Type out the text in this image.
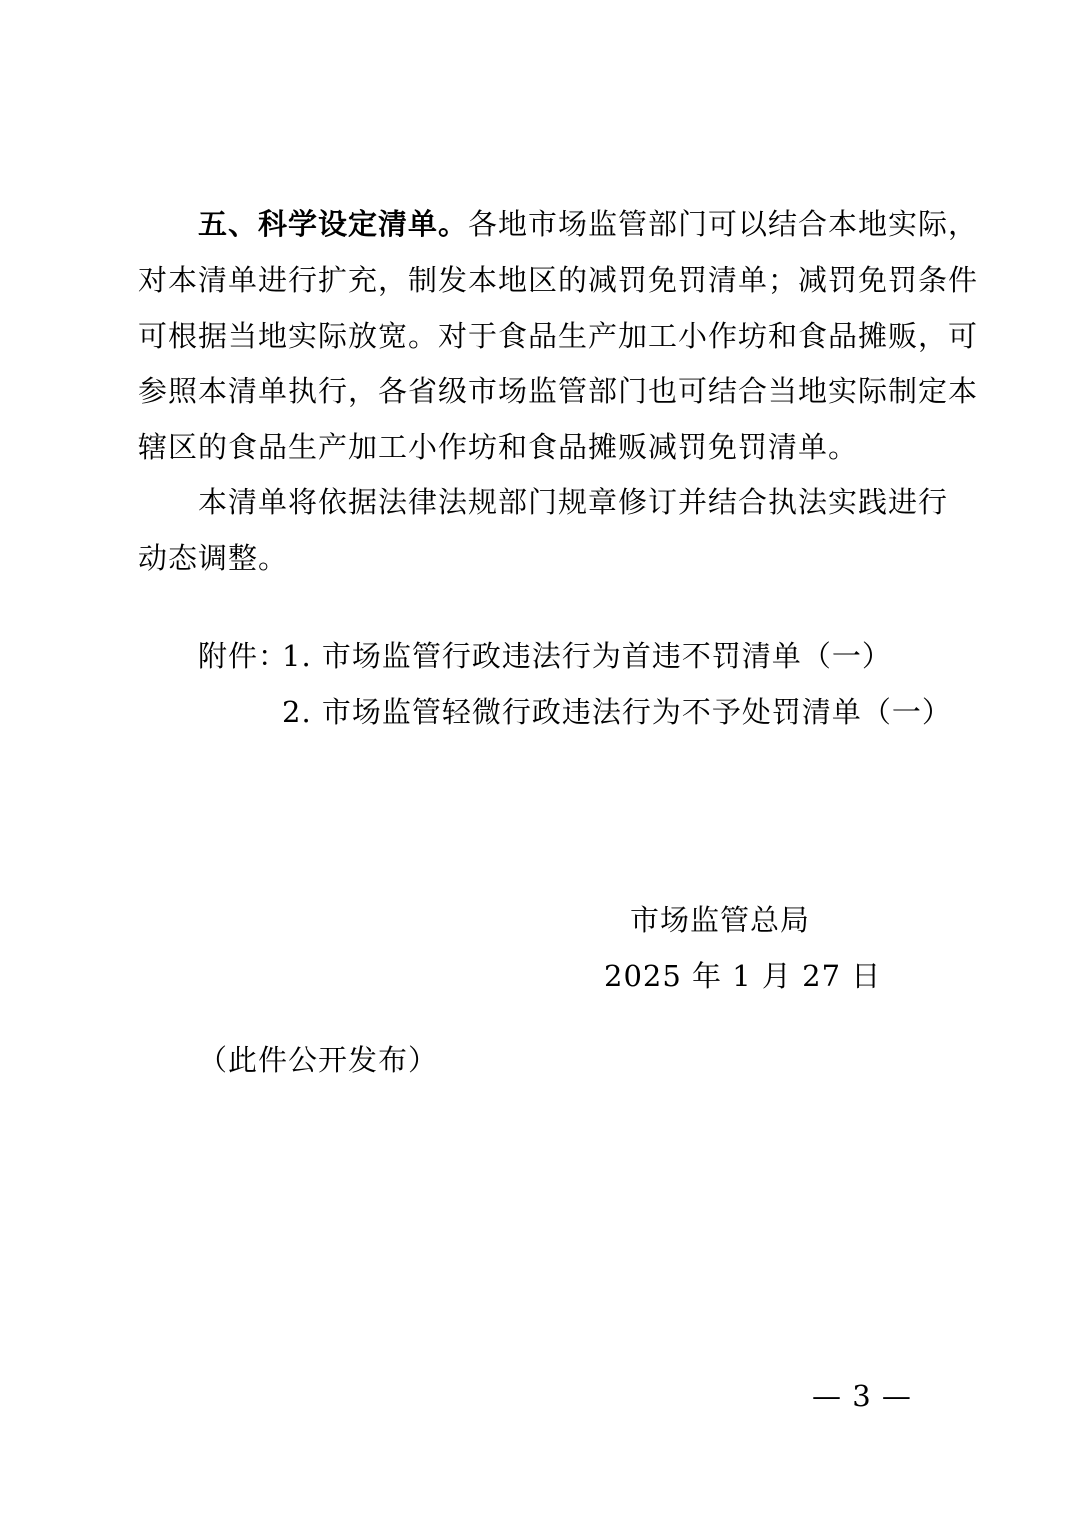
五、科学设定清单。各地市场监管部门可以结合本地实际，
对本清单进行扩充，制发本地区的减罚免罚清单；减罚免罚条件
可根据当地实际放宽。对于食品生产加工小作坊和食品摊贩，可
参照本清单执行，各省级市场监管部门也可结合当地实际制定本
辖区的食品生产加工小作坊和食品摊贩减罚免罚清单。
本清单将依据法律法规部门规章修订并结合执法实践进行
动态调整。
附件：
1. 市场监管行政违法行为首违不罚清单（一）
2. 市场监管轻微行政违法行为不予处罚清单（一）
市场监管总局
2025 年 1 月 27 日
（此件公开发布）
— 3 —
